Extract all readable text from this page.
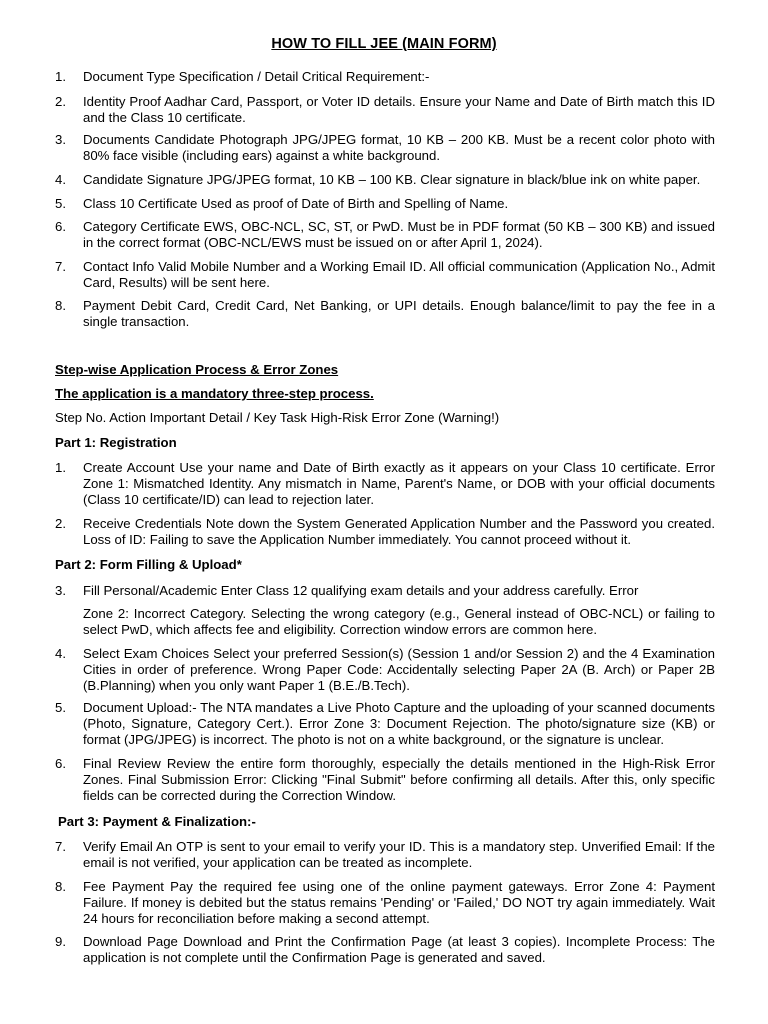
HOW TO FILL JEE (MAIN FORM)
1. Document Type Specification / Detail Critical Requirement:-
2. Identity Proof Aadhar Card, Passport, or Voter ID details. Ensure your Name and Date of Birth match this ID and the Class 10 certificate.
3. Documents Candidate Photograph JPG/JPEG format, 10 KB – 200 KB. Must be a recent color photo with 80% face visible (including ears) against a white background.
4. Candidate Signature JPG/JPEG format, 10 KB – 100 KB. Clear signature in black/blue ink on white paper.
5. Class 10 Certificate Used as proof of Date of Birth and Spelling of Name.
6. Category Certificate EWS, OBC-NCL, SC, ST, or PwD. Must be in PDF format (50 KB – 300 KB) and issued in the correct format (OBC-NCL/EWS must be issued on or after April 1, 2024).
7. Contact Info Valid Mobile Number and a Working Email ID. All official communication (Application No., Admit Card, Results) will be sent here.
8. Payment Debit Card, Credit Card, Net Banking, or UPI details. Enough balance/limit to pay the fee in a single transaction.
Step-wise Application Process & Error Zones
The application is a mandatory three-step process.
Step No. Action Important Detail / Key Task High-Risk Error Zone (Warning!)
Part 1: Registration
1. Create Account Use your name and Date of Birth exactly as it appears on your Class 10 certificate. Error Zone 1: Mismatched Identity. Any mismatch in Name, Parent's Name, or DOB with your official documents (Class 10 certificate/ID) can lead to rejection later.
2. Receive Credentials Note down the System Generated Application Number and the Password you created. Loss of ID: Failing to save the Application Number immediately. You cannot proceed without it.
Part 2: Form Filling & Upload*
3. Fill Personal/Academic Enter Class 12 qualifying exam details and your address carefully. Error
Zone 2: Incorrect Category. Selecting the wrong category (e.g., General instead of OBC-NCL) or failing to select PwD, which affects fee and eligibility. Correction window errors are common here.
4. Select Exam Choices Select your preferred Session(s) (Session 1 and/or Session 2) and the 4 Examination Cities in order of preference. Wrong Paper Code: Accidentally selecting Paper 2A (B. Arch) or Paper 2B (B.Planning) when you only want Paper 1 (B.E./B.Tech).
5. Document Upload:- The NTA mandates a Live Photo Capture and the uploading of your scanned documents (Photo, Signature, Category Cert.). Error Zone 3: Document Rejection. The photo/signature size (KB) or format (JPG/JPEG) is incorrect. The photo is not on a white background, or the signature is unclear.
6. Final Review Review the entire form thoroughly, especially the details mentioned in the High-Risk Error Zones. Final Submission Error: Clicking "Final Submit" before confirming all details. After this, only specific fields can be corrected during the Correction Window.
Part 3: Payment & Finalization:-
7. Verify Email An OTP is sent to your email to verify your ID. This is a mandatory step. Unverified Email: If the email is not verified, your application can be treated as incomplete.
8. Fee Payment Pay the required fee using one of the online payment gateways. Error Zone 4: Payment Failure. If money is debited but the status remains 'Pending' or 'Failed,' DO NOT try again immediately. Wait 24 hours for reconciliation before making a second attempt.
9. Download Page Download and Print the Confirmation Page (at least 3 copies). Incomplete Process: The application is not complete until the Confirmation Page is generated and saved.
